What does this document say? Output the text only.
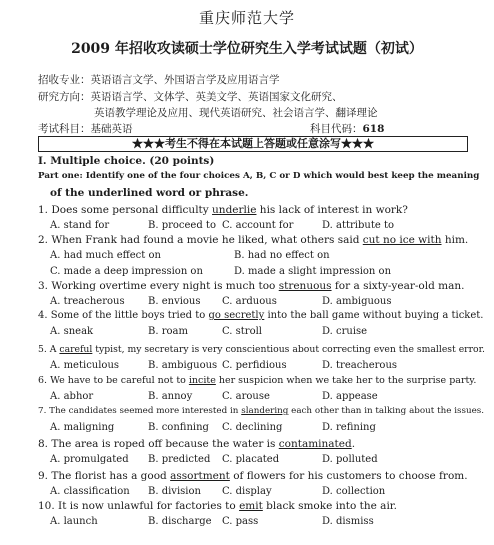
重庆师范大学
2009 年招收攻读硕士学位研究生入学考试试题（初试）
招收专业：英语语言文学、外国语言学及应用语言学
研究方向：英语语言学、文体学、英美文学、英语国家文化研究、
英语教学理论及应用、现代英语研究、社会语言学、翻译理论
考试科目：基础英语	科目代码：618
★★★考生不得在本试题上答题或任意涂写★★★
I. Multiple choice. (20 points)
Part one: Identify one of the four choices A, B, C or D which would best keep the meaning
of the underlined word or phrase.
1. Does some personal difficulty underlie his lack of interest in work?
A. stand for	B. proceed to C. account for	D. attribute to
2. When Frank had found a movie he liked, what others said cut no ice with him.
A. had much effect on	B. had no effect on
C. made a deep impression on	D. made a slight impression on
3. Working overtime every night is much too strenuous for a sixty-year-old man.
A. treacherous B. envious C. arduous	D. ambiguous
4. Some of the little boys tried to go secretly into the ball game without buying a ticket.
A. sneak	B. roam	C. stroll	D. cruise
5. A careful typist, my secretary is very conscientious about correcting even the smallest error.
A. meticulous	B. ambiguous C. perfidious	D. treacherous
6. We have to be careful not to incite her suspicion when we take her to the surprise party.
A. abhor	B. annoy	C. arouse	D. appease
7. The candidates seemed more interested in slandering each other than in talking about the issues.
A. maligning	B. confining C. declining	D. refining
8. The area is roped off because the water is contaminated.
A. promulgated B. predicted C. placated	D. polluted
9. The florist has a good assortment of flowers for his customers to choose from.
A. classification B. division C. display	D. collection
10. It is now unlawful for factories to emit black smoke into the air.
A. launch	B. discharge C. pass	D. dismiss
